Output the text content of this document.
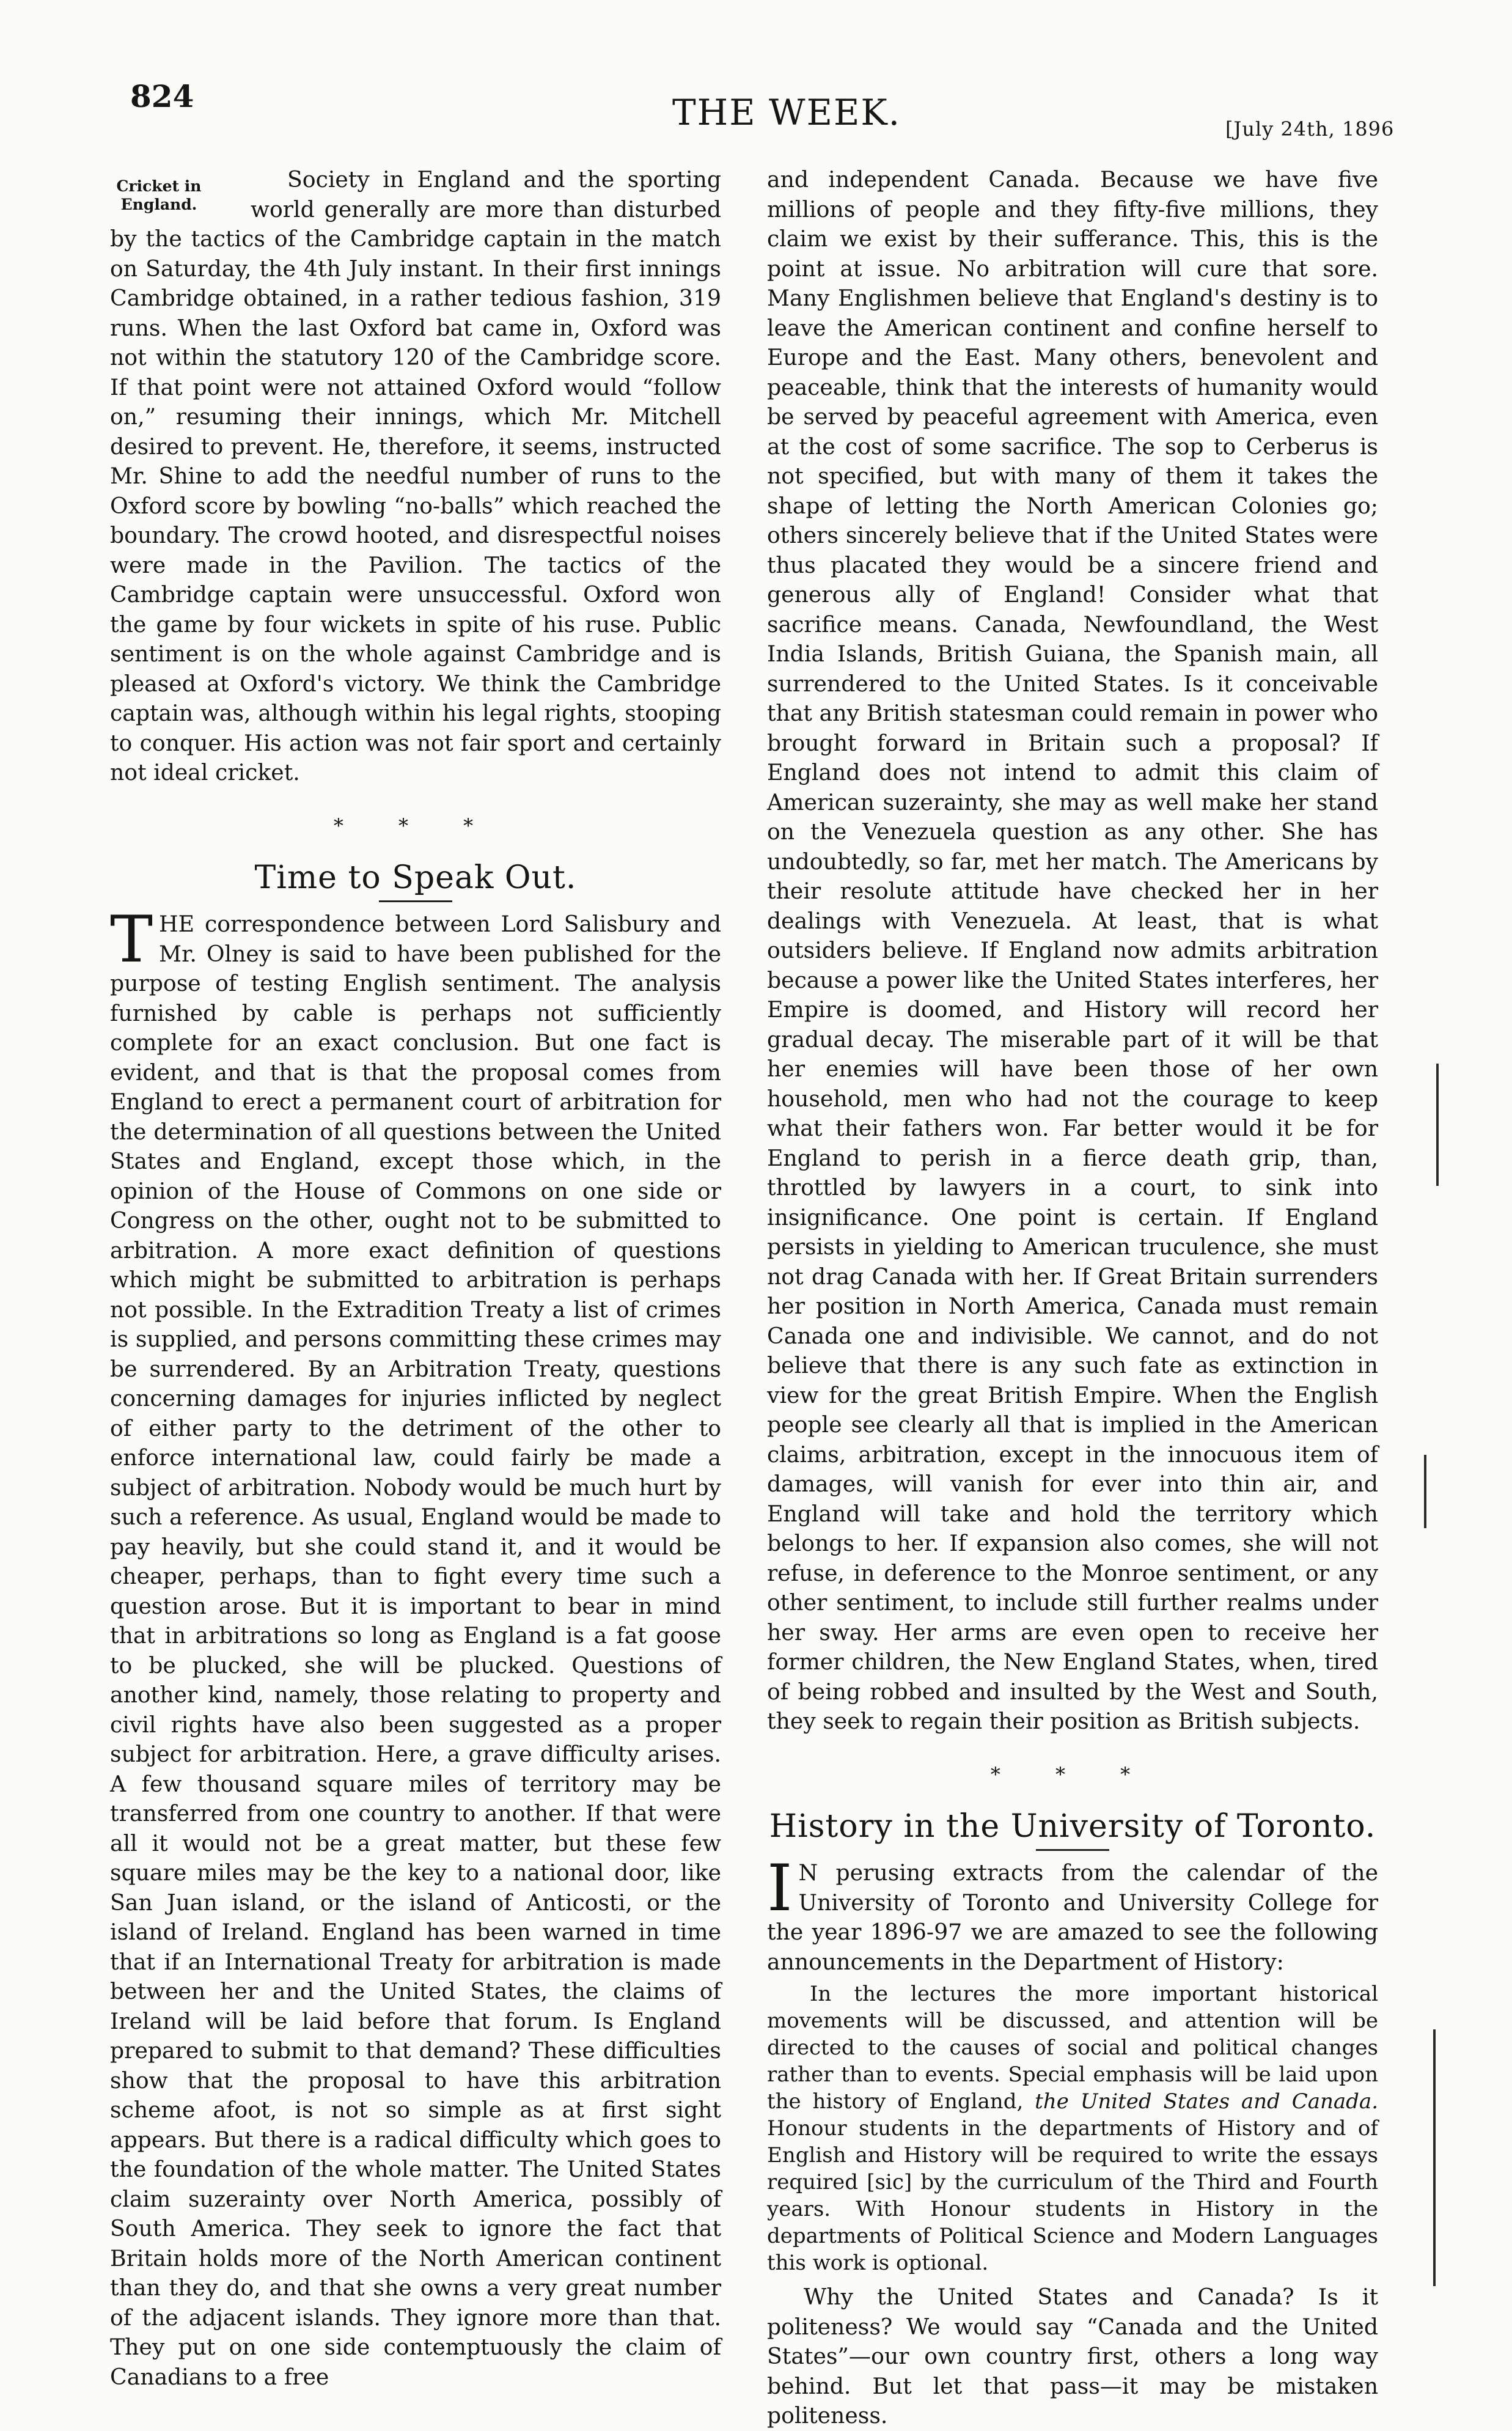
824	THE WEEK.	[July 24th, 1896
Cricket in England.

Society in England and the sporting world generally are more than disturbed by the tactics of the Cambridge captain in the match on Saturday, the 4th July instant. In their first innings Cambridge obtained, in a rather tedious fashion, 319 runs. When the last Oxford bat came in, Oxford was not within the statutory 120 of the Cambridge score. If that point were not attained Oxford would “follow on,” resuming their innings, which Mr. Mitchell desired to prevent. He, therefore, it seems, instructed Mr. Shine to add the needful number of runs to the Oxford score by bowling “no-balls” which reached the boundary. The crowd hooted, and disrespectful noises were made in the Pavilion. The tactics of the Cambridge captain were unsuccessful. Oxford won the game by four wickets in spite of his ruse. Public sentiment is on the whole against Cambridge and is pleased at Oxford's victory. We think the Cambridge captain was, although within his legal rights, stooping to conquer. His action was not fair sport and certainly not ideal cricket.

* * *
Time to Speak Out.

THE correspondence between Lord Salisbury and Mr. Olney is said to have been published for the purpose of testing English sentiment. The analysis furnished by cable is perhaps not sufficiently complete for an exact conclusion. But one fact is evident, and that is that the proposal comes from England to erect a permanent court of arbitration for the determination of all questions between the United States and England, except those which, in the opinion of the House of Commons on one side or Congress on the other, ought not to be submitted to arbitration. A more exact definition of questions which might be submitted to arbitration is perhaps not possible. In the Extradition Treaty a list of crimes is supplied, and persons committing these crimes may be surrendered. By an Arbitration Treaty, questions concerning damages for injuries inflicted by neglect of either party to the detriment of the other to enforce international law, could fairly be made a subject of arbitration. Nobody would be much hurt by such a reference. As usual, England would be made to pay heavily, but she could stand it, and it would be cheaper, perhaps, than to fight every time such a question arose. But it is important to bear in mind that in arbitrations so long as England is a fat goose to be plucked, she will be plucked. Questions of another kind, namely, those relating to property and civil rights have also been suggested as a proper subject for arbitration. Here, a grave difficulty arises. A few thousand square miles of territory may be transferred from one country to another. If that were all it would not be a great matter, but these few square miles may be the key to a national door, like San Juan island, or the island of Anticosti, or the island of Ireland. England has been warned in time that if an International Treaty for arbitration is made between her and the United States, the claims of Ireland will be laid before that forum. Is England prepared to submit to that demand? These difficulties show that the proposal to have this arbitration scheme afoot, is not so simple as at first sight appears. But there is a radical difficulty which goes to the foundation of the whole matter. The United States claim suzerainty over North America, possibly of South America. They seek to ignore the fact that Britain holds more of the North American continent than they do, and that she owns a very great number of the adjacent islands. They ignore more than that. They put on one side contemptuously the claim of Canadians to a free

and independent Canada. Because we have five millions of people and they fifty-five millions, they claim we exist by their sufferance. This, this is the point at issue. No arbitration will cure that sore. Many Englishmen believe that England's destiny is to leave the American continent and confine herself to Europe and the East. Many others, benevolent and peaceable, think that the interests of humanity would be served by peaceful agreement with America, even at the cost of some sacrifice. The sop to Cerberus is not specified, but with many of them it takes the shape of letting the North American Colonies go; others sincerely believe that if the United States were thus placated they would be a sincere friend and generous ally of England! Consider what that sacrifice means. Canada, Newfoundland, the West India Islands, British Guiana, the Spanish main, all surrendered to the United States. Is it conceivable that any British statesman could remain in power who brought forward in Britain such a proposal? If England does not intend to admit this claim of American suzerainty, she may as well make her stand on the Venezuela question as any other. She has undoubtedly, so far, met her match. The Americans by their resolute attitude have checked her in her dealings with Venezuela. At least, that is what outsiders believe. If England now admits arbitration because a power like the United States interferes, her Empire is doomed, and History will record her gradual decay. The miserable part of it will be that her enemies will have been those of her own household, men who had not the courage to keep what their fathers won. Far better would it be for England to perish in a fierce death grip, than, throttled by lawyers in a court, to sink into insignificance. One point is certain. If England persists in yielding to American truculence, she must not drag Canada with her. If Great Britain surrenders her position in North America, Canada must remain Canada one and indivisible. We cannot, and do not believe that there is any such fate as extinction in view for the great British Empire. When the English people see clearly all that is implied in the American claims, arbitration, except in the innocuous item of damages, will vanish for ever into thin air, and England will take and hold the territory which belongs to her. If expansion also comes, she will not refuse, in deference to the Monroe sentiment, or any other sentiment, to include still further realms under her sway. Her arms are even open to receive her former children, the New England States, when, tired of being robbed and insulted by the West and South, they seek to regain their position as British subjects.

* * *
History in the University of Toronto.

I N perusing extracts from the calendar of the University of Toronto and University College for the year 1896-97 we are amazed to see the following announcements in the Department of History:

In the lectures the more important historical movements will be discussed, and attention will be directed to the causes of social and political changes rather than to events. Special emphasis will be laid upon the history of England, the United States and Canada. Honour students in the departments of History and of English and History will be required to write the essays required [sic] by the curriculum of the Third and Fourth years. With Honour students in History in the departments of Political Science and Modern Languages this work is optional.

Why the United States and Canada? Is it politeness? We would say “Canada and the United States”—our own country first, others a long way behind. But let that pass—it may be mistaken politeness.
